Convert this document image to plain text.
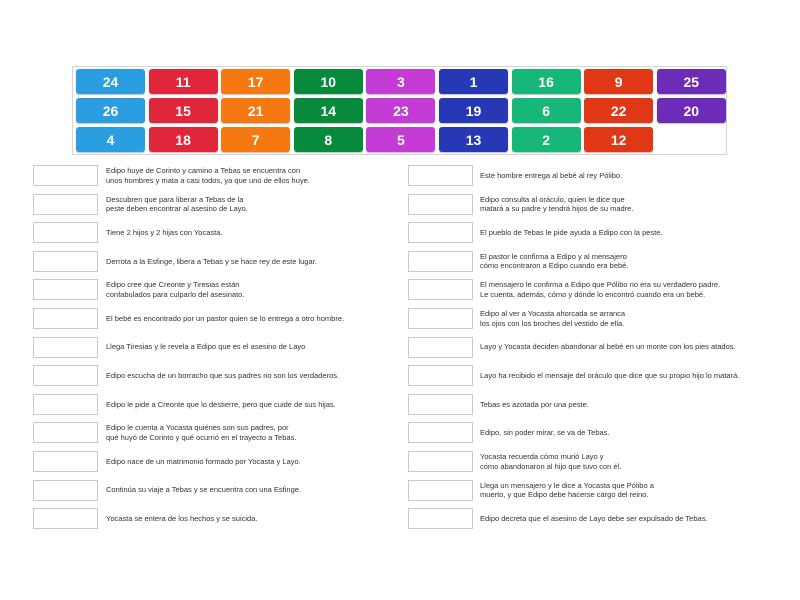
24	11	17	10	3	1	16	9	25
26	15	21	14	23	19	6	22	20
4	18	7	8	5	13	2	12
Edipo huye de Corinto y camino a Tebas se encuentra con
unos hombres y mata a casi todos, ya que uno de ellos huye.
Descubren que para liberar a Tebas de la
peste deben encontrar al asesino de Layo.
Tiene 2 hijos y 2 hijas con Yocasta.
Derrota a la Esfinge, libera a Tebas y se hace rey de este lugar.
Edipo cree que Creonte y Tiresias están
confabulados para culparlo del asesinato.
El bebé es encontrado por un pastor quien se lo entrega a otro hombre.
Llega Tiresias y le revela a Edipo que es el asesino de Layo
Edipo escucha de un borracho que sus padres no son los verdaderos.
Edipo le pide a Creonte que lo destierre, pero que cuide de sus hijas.
Edipo le cuenta a Yocasta quiénes son sus padres, por
qué huyó de Corinto y qué ocurrió en el trayecto a Tebas.
Edipo nace de un matrimonio formado por Yocasta y Layo.
Continúa su viaje a Tebas y se encuentra con una Esfinge.
Yocasta se entera de los hechos y se suicida.
Este hombre entrega al bebé al rey Pólibo.
Edipo consulta al oráculo, quien le dice que
matará a su padre y tendrá hijos de su madre.
El pueblo de Tebas le pide ayuda a Edipo con la peste.
El pastor le confirma a Edipo y al mensajero
cómo encontraron a Edipo cuando era bebé.
El mensajero le confirma a Edipo que Pólibo no era su verdadero padre.
Le cuenta, además, cómo y dónde lo encontró cuando era un bebé.
Edipo al ver a Yocasta ahorcada se arranca
los ojos con los broches del vestido de ella.
Layo y Yocasta deciden abandonar al bebé en un monte con los pies atados.
Layo ha recibido el mensaje del oráculo que dice que su propio hijo lo matará.
Tebas es azotada por una peste.
Edipo, sin poder mirar, se va de Tebas.
Yocasta recuerda cómo murió Layo y
cómo abandonaron al hijo que tuvo con él.
Llega un mensajero y le dice a Yocasta que Pólibo a
muerto, y que Edipo debe hacerse cargo del reino.
Edipo decreta que el asesino de Layo debe ser expulsado de Tebas.
